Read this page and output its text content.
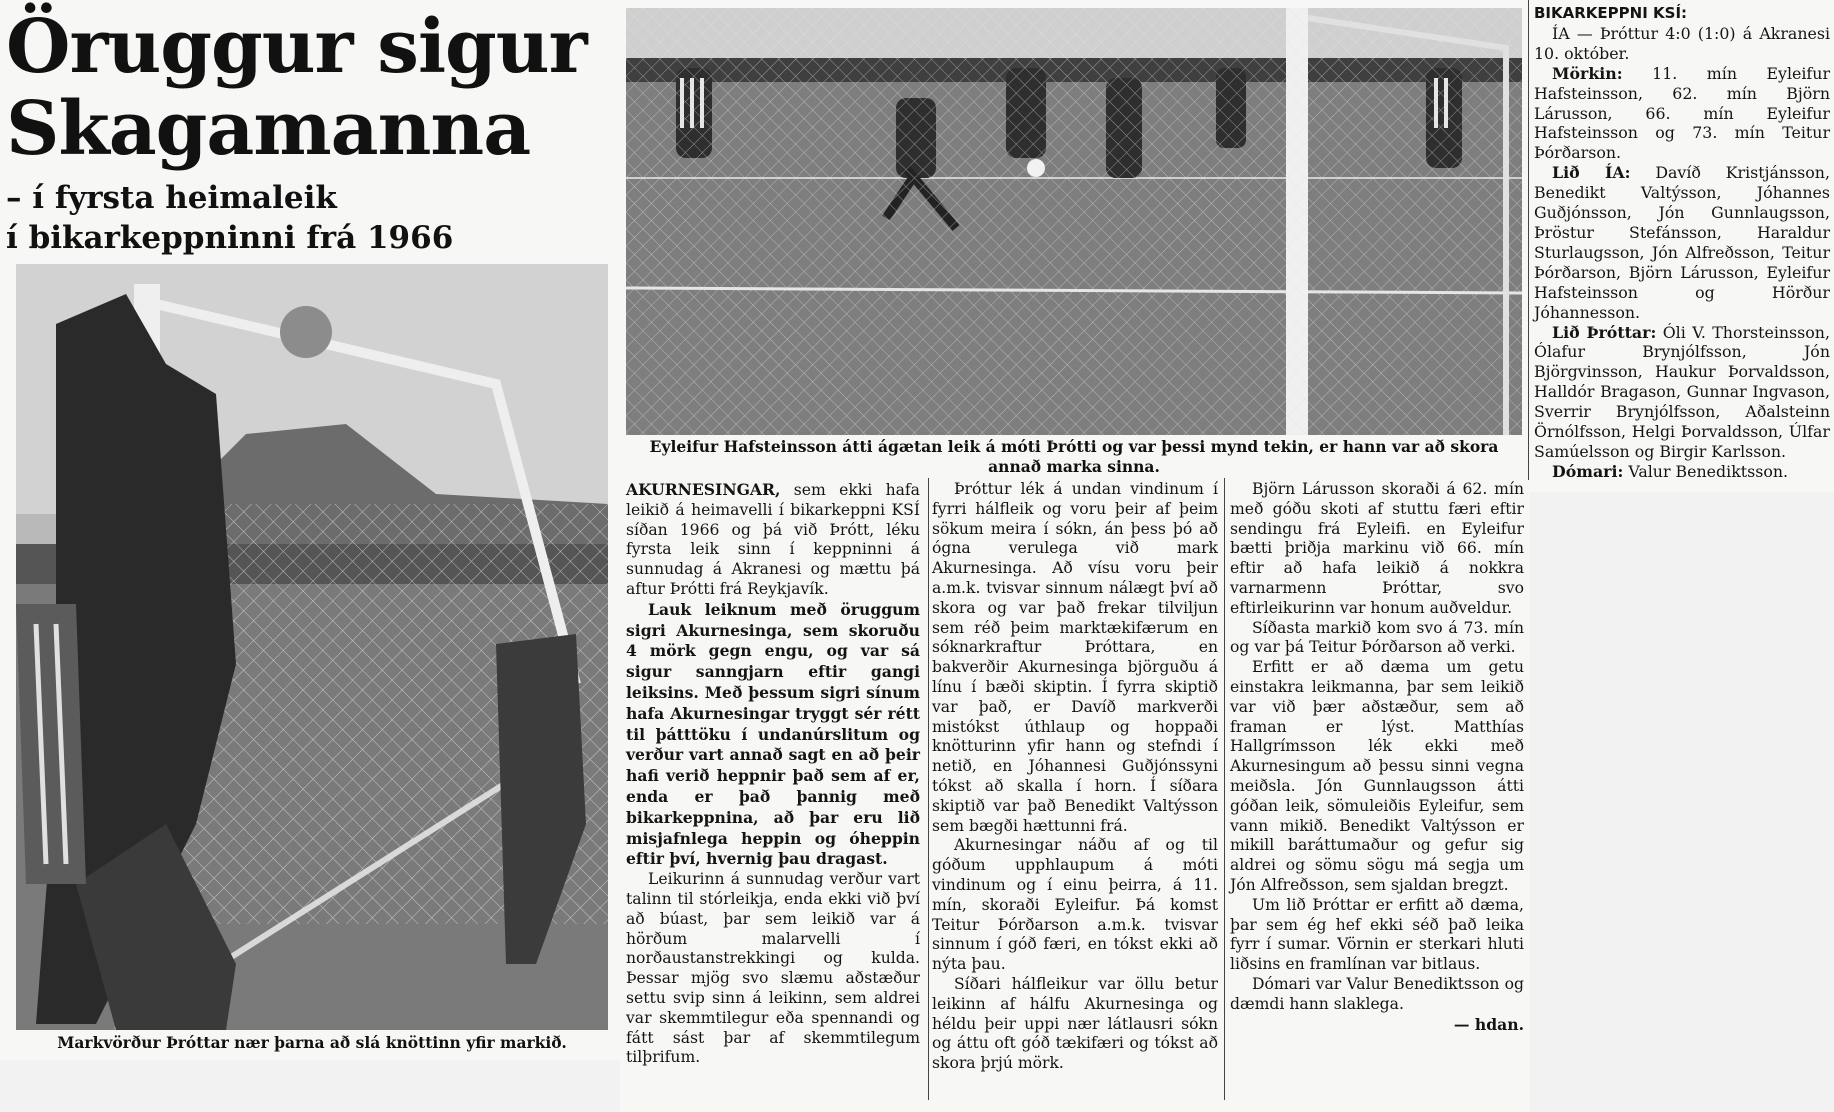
Öruggur sigur
Skagamanna
– í fyrsta heimaleik
í bikarkeppninni frá 1966
Markvörður Þróttar nær þarna að slá knöttinn yfir markið.
Eyleifur Hafsteinsson átti ágætan leik á móti Þrótti og var þessi mynd tekin, er hann var að skora annað marka sinna.

AKURNESINGAR, sem ekki hafa leikið á heimavelli í bikarkeppni KSÍ síðan 1966 og þá við Þrótt, léku fyrsta leik sinn í keppninni á sunnudag á Akranesi og mættu þá aftur Þrótti frá Reykjavík.

Lauk leiknum með öruggum sigri Akurnesinga, sem skoruðu 4 mörk gegn engu, og var sá sigur sanngjarn eftir gangi leiksins. Með þessum sigri sínum hafa Akurnesingar tryggt sér rétt til þátttöku í undanúrslitum og verður vart annað sagt en að þeir hafi verið heppnir það sem af er, enda er það þannig með bikarkeppnina, að þar eru lið misjafnlega heppin og óheppin eftir því, hvernig þau dragast.

Leikurinn á sunnudag verður vart talinn til stórleikja, enda ekki við því að búast, þar sem leikið var á hörðum malarvelli í norðaustanstrekkingi og kulda. Þessar mjög svo slæmu aðstæður settu svip sinn á leikinn, sem aldrei var skemmtilegur eða spennandi og fátt sást þar af skemmtilegum tilþrifum.

Þróttur lék á undan vindinum í fyrri hálfleik og voru þeir af þeim sökum meira í sókn, án þess þó að ógna verulega við mark Akurnesinga. Að vísu voru þeir a.m.k. tvisvar sinnum nálægt því að skora og var það frekar tilviljun sem réð þeim marktækifærum en sóknarkraftur Þróttara, en bakverðir Akurnesinga björguðu á línu í bæði skiptin. Í fyrra skiptið var það, er Davíð markverði mistókst úthlaup og hoppaði knötturinn yfir hann og stefndi í netið, en Jóhannesi Guðjónssyni tókst að skalla í horn. Í síðara skiptið var það Benedikt Valtýsson sem bægði hættunni frá.

Akurnesingar náðu af og til góðum upphlaupum á móti vindinum og í einu þeirra, á 11. mín, skoraði Eyleifur. Þá komst Teitur Þórðarson a.m.k. tvisvar sinnum í góð færi, en tókst ekki að nýta þau.

Síðari hálfleikur var öllu betur leikinn af hálfu Akurnesinga og héldu þeir uppi nær látlausri sókn og áttu oft góð tækifæri og tókst að skora þrjú mörk.

Björn Lárusson skoraði á 62. mín með góðu skoti af stuttu færi eftir sendingu frá Eyleifi. en Eyleifur bætti þriðja markinu við 66. mín eftir að hafa leikið á nokkra varnarmenn Þróttar, svo eftirleikurinn var honum auðveldur.

Síðasta markið kom svo á 73. mín og var þá Teitur Þórðarson að verki.

Erfitt er að dæma um getu einstakra leikmanna, þar sem leikið var við þær aðstæður, sem að framan er lýst. Matthías Hallgrímsson lék ekki með Akurnesingum að þessu sinni vegna meiðsla. Jón Gunnlaugsson átti góðan leik, sömuleiðis Eyleifur, sem vann mikið. Benedikt Valtýsson er mikill baráttumaður og gefur sig aldrei og sömu sögu má segja um Jón Alfreðsson, sem sjaldan bregzt.

Um lið Þróttar er erfitt að dæma, þar sem ég hef ekki séð það leika fyrr í sumar. Vörnin er sterkari hluti liðsins en framlínan var bitlaus.

Dómari var Valur Benediktsson og dæmdi hann slaklega.

— hdan.

BIKARKEPPNI KSÍ:

ÍA — Þróttur 4:0 (1:0) á Akranesi 10. október.

Mörkin: 11. mín Eyleifur Hafsteinsson, 62. mín Björn Lárusson, 66. mín Eyleifur Hafsteinsson og 73. mín Teitur Þórðarson.

Lið ÍA: Davíð Kristjánsson, Benedikt Valtýsson, Jóhannes Guðjónsson, Jón Gunnlaugsson, Þröstur Stefánsson, Haraldur Sturlaugsson, Jón Alfreðsson, Teitur Þórðarson, Björn Lárusson, Eyleifur Hafsteinsson og Hörður Jóhannesson.

Lið Þróttar: Óli V. Thorsteinsson, Ólafur Brynjólfsson, Jón Björgvinsson, Haukur Þorvaldsson, Halldór Bragason, Gunnar Ingvason, Sverrir Brynjólfsson, Aðalsteinn Örnólfsson, Helgi Þorvaldsson, Úlfar Samúelsson og Birgir Karlsson.

Dómari: Valur Benediktsson.
